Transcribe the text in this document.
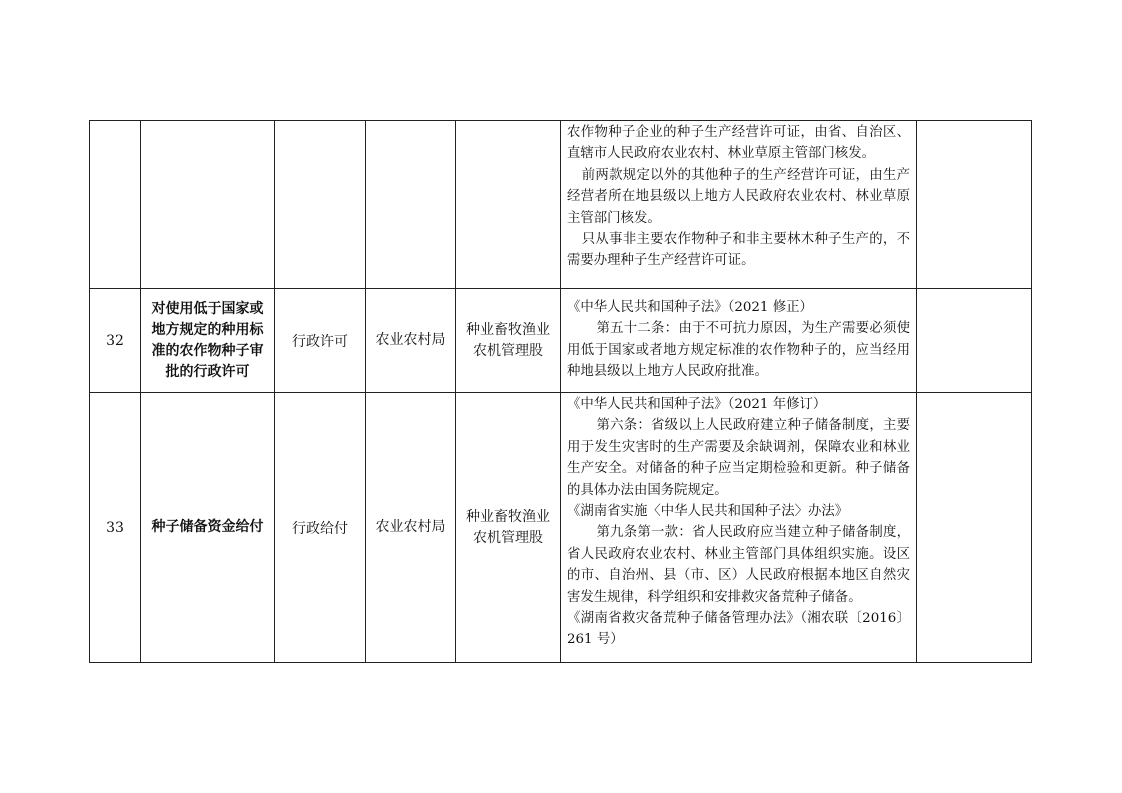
					农作物种子企业的种子生产经营许可证，由省、自治区、直辖市人民政府农业农村、林业草原主管部门核发。
前两款规定以外的其他种子的生产经营许可证，由生产经营者所在地县级以上地方人民政府农业农村、林业草原主管部门核发。
只从事非主要农作物种子和非主要林木种子生产的，不需要办理种子生产经营许可证。	

32	对使用低于国家或地方规定的种用标准的农作物种子审批的行政许可	行政许可	农业农村局	种业畜牧渔业农机管理股	《中华人民共和国种子法》（2021 修正）
第五十二条：由于不可抗力原因，为生产需要必须使用低于国家或者地方规定标准的农作物种子的，应当经用种地县级以上地方人民政府批准。	

33	种子储备资金给付	行政给付	农业农村局	种业畜牧渔业农机管理股	《中华人民共和国种子法》（2021 年修订）
第六条：省级以上人民政府建立种子储备制度，主要用于发生灾害时的生产需要及余缺调剂，保障农业和林业生产安全。对储备的种子应当定期检验和更新。种子储备的具体办法由国务院规定。
《湖南省实施〈中华人民共和国种子法〉办法》
第九条第一款：省人民政府应当建立种子储备制度，省人民政府农业农村、林业主管部门具体组织实施。设区的市、自治州、县（市、区）人民政府根据本地区自然灾害发生规律，科学组织和安排救灾备荒种子储备。
《湖南省救灾备荒种子储备管理办法》（湘农联〔2016〕261 号）	
